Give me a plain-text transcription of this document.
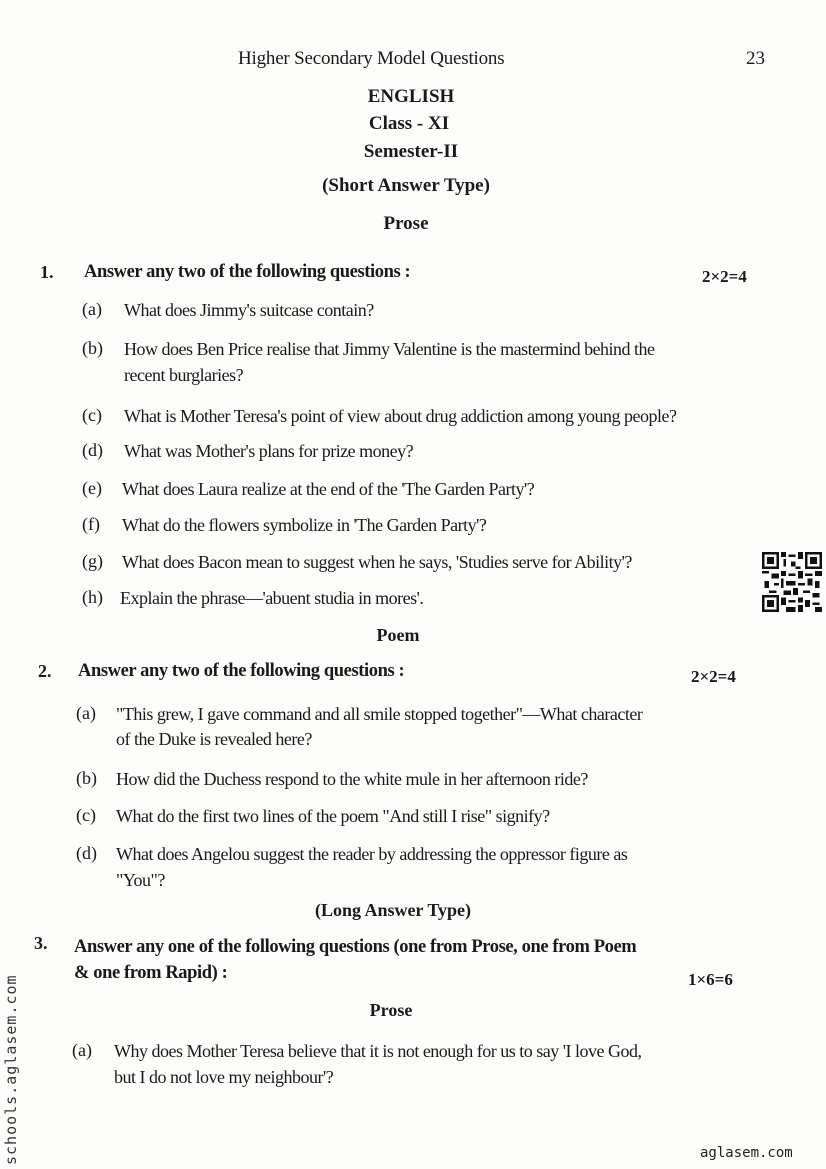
Higher Secondary Model Questions	23
ENGLISH
Class - XI
Semester-II
(Short Answer Type)
Prose
1. Answer any two of the following questions :	2×2=4
(a) What does Jimmy's suitcase contain?
(b) How does Ben Price realise that Jimmy Valentine is the mastermind behind the
recent burglaries?
(c) What is Mother Teresa's point of view about drug addiction among young people?
(d) What was Mother's plans for prize money?
(e) What does Laura realize at the end of the 'The Garden Party'?
(f) What do the flowers symbolize in 'The Garden Party'?
(g) What does Bacon mean to suggest when he says, 'Studies serve for Ability'?
(h) Explain the phrase—'abuent studia in mores'.
Poem
2. Answer any two of the following questions :	2×2=4
(a) "This grew, I gave command and all smile stopped together"—What character
of the Duke is revealed here?
(b) How did the Duchess respond to the white mule in her afternoon ride?
(c) What do the first two lines of the poem "And still I rise" signify?
(d) What does Angelou suggest the reader by addressing the oppressor figure as
"You"?
(Long Answer Type)
3. Answer any one of the following questions (one from Prose, one from Poem
& one from Rapid) :	1×6=6
Prose
(a) Why does Mother Teresa believe that it is not enough for us to say 'I love God,
but I do not love my neighbour'?
schools.aglasem.com	aglasem.com
